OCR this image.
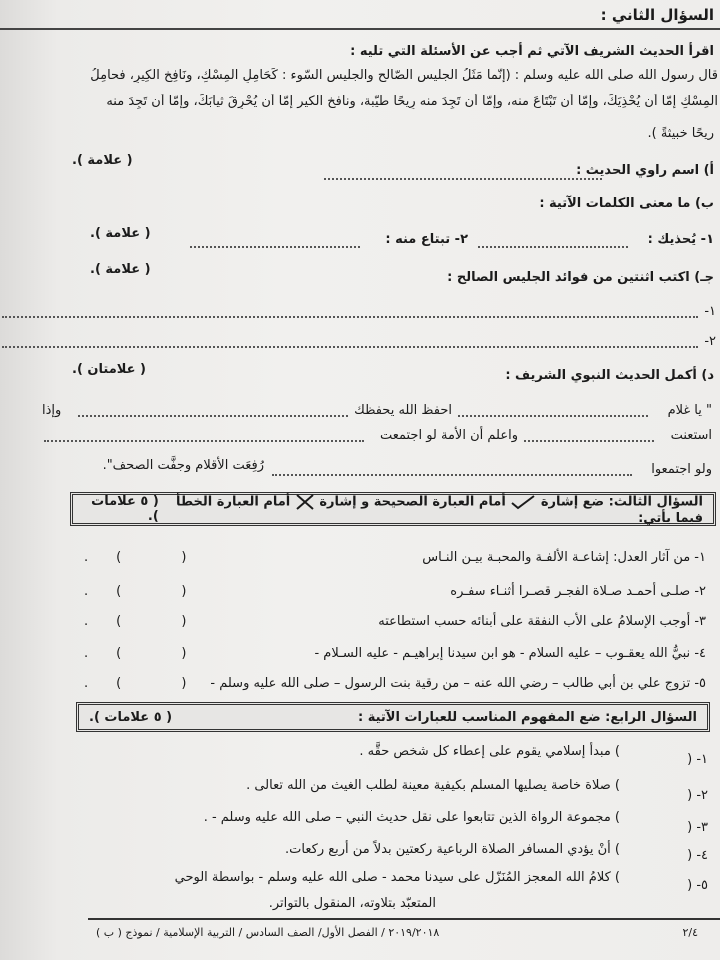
السؤال الثاني :
اقرأ الحديث الشريف الآتي ثم أجب عن الأسئلة التي تليه :
قال رسول الله صلى الله عليه وسلم : (إنّما مَثَلُ الجليس الصّالح والجليس السّوء : كَحَامِلِ المِسْكِ، ونَافِخِ الكِيرِ، فحامِلُ
المِسْكِ إمّا أن يُحْذِيَكَ، وإمّا أن تَبْتَاعَ منه، وإمّا أن تَجِدَ منه رِيحًا طيّبة، ونافخ الكير إمّا أن يُحْرِقَ ثيابَكَ، وإمّا أن تَجِدَ منه
ريحًا خبيثةً ).
أ) اسم راوي الحديث :
( علامة ).
ب) ما معنى الكلمات الآتية :
١- يُحذيك :
٢- تبتاع منه :
( علامة ).
جـ) اكتب اثنتين من فوائد الجليس الصالح :
( علامة ).
١-
٢-
د) أكمل الحديث النبوي الشريف :
( علامتان ).
" يا غلام
احفظ الله يحفظك
وإذا
استعنت
واعلم أن الأمة لو اجتمعت
ولو اجتمعوا
رُفِعَت الأقلام وجفَّت الصحف".
السؤال الثالث: ضع إشارة  أمام العبارة الصحيحة و إشارة  أمام العبارة الخطأ فيما يأتي:
( ٥ علامات ).
١- من آثار العدل: إشاعـة الألفـة والمحبـة بيـن النـاس
( ).
٢- صلـى أحمـد صـلاة الفجـر قصـرا أثنـاء سفـره
( ).
٣- أوجب الإسلامُ على الأب النفقة على أبنائه حسب استطاعته
( ).
٤- نبيُّ الله يعقـوب – عليه السلام - هو ابن سيدنا إبراهيـم - عليه السـلام -
( ).
٥- تزوج علي بن أبي طالب – رضي الله عنه – من رقية بنت الرسول – صلى الله عليه وسلم -
( ).
السؤال الرابع: ضع المفهوم المناسب للعبارات الآتية :
( ٥ علامات ).
١- (
) مبدأ إسلامي يقوم على إعطاء كل شخص حقَّه .
٢- (
) صلاة خاصة يصليها المسلم بكيفية معينة لطلب الغيث من الله تعالى .
٣- (
) مجموعة الرواة الذين تتابعوا على نقل حديث النبي – صلى الله عليه وسلم - .
٤- (
) أنْ يؤدي المسافر الصلاة الرباعية ركعتين بدلاً من أربع ركعات.
٥- (
) كلامُ الله المعجز المُنَزّل على سيدنا محمد - صلى الله عليه وسلم - بواسطة الوحي
المتعبّد بتلاوته، المنقول بالتواتر.
٢٠١٩/٢٠١٨ / الفصل الأول/ الصف السادس / التربية الإسلامية / نموذج ( ب )	٢/٤
